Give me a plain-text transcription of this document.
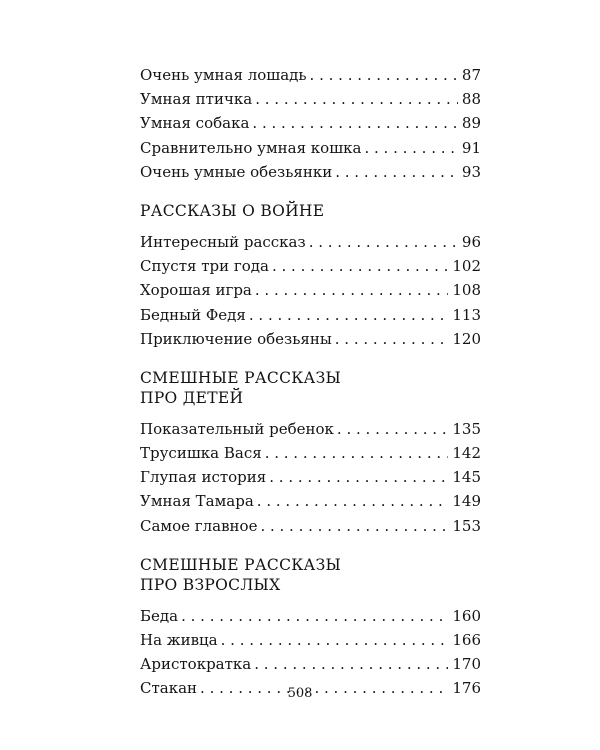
Очень умная лошадь . . .	87
Умная птичка . . .	88
Умная собака . . .	89
Сравнительно умная кошка . . .	91
Очень умные обезьянки . . .	93
РАССКАЗЫ О ВОЙНЕ
Интересный рассказ . . .	96
Спустя три года . . .	102
Хорошая игра . . .	108
Бедный Федя . . .	113
Приключение обезьяны . . .	120
СМЕШНЫЕ РАССКАЗЫ
ПРО ДЕТЕЙ
Показательный ребенок . . .	135
Трусишка Вася . . .	142
Глупая история . . .	145
Умная Тамара . . .	149
Самое главное . . .	153
СМЕШНЫЕ РАССКАЗЫ
ПРО ВЗРОСЛЫХ
Беда . . .	160
На живца . . .	166
Аристократка . . .	170
Стакан . . .	176
508
